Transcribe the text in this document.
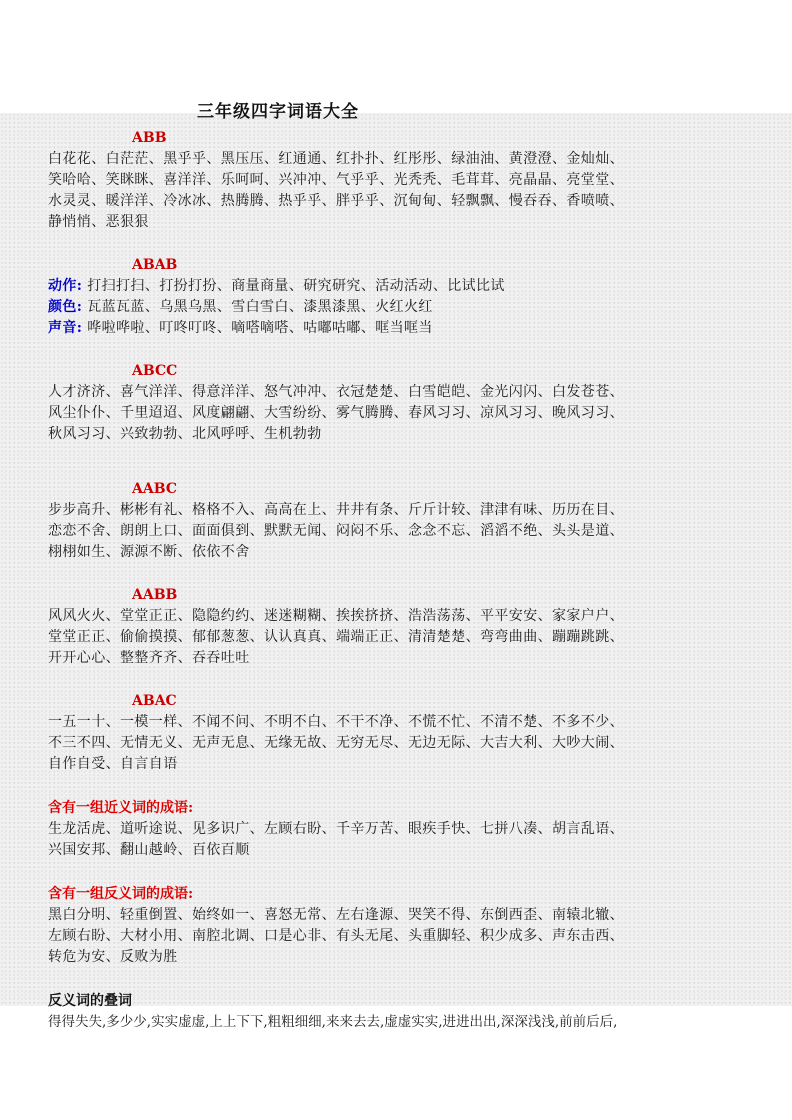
三年级四字词语大全
ABB
白花花、白茫茫、黑乎乎、黑压压、红通通、红扑扑、红彤彤、绿油油、黄澄澄、金灿灿、
笑哈哈、笑眯眯、喜洋洋、乐呵呵、兴冲冲、气乎乎、光秃秃、毛茸茸、亮晶晶、亮堂堂、
水灵灵、暖洋洋、冷冰冰、热腾腾、热乎乎、胖乎乎、沉甸甸、轻飘飘、慢吞吞、香喷喷、
静悄悄、恶狠狠
ABAB
动作: 打扫打扫、打扮打扮、商量商量、研究研究、活动活动、比试比试
颜色: 瓦蓝瓦蓝、乌黑乌黑、雪白雪白、漆黑漆黑、火红火红
声音: 哗啦哗啦、叮咚叮咚、嘀嗒嘀嗒、咕嘟咕嘟、哐当哐当
ABCC
人才济济、喜气洋洋、得意洋洋、怒气冲冲、衣冠楚楚、白雪皑皑、金光闪闪、白发苍苍、
风尘仆仆、千里迢迢、风度翩翩、大雪纷纷、雾气腾腾、春风习习、凉风习习、晚风习习、
秋风习习、兴致勃勃、北风呼呼、生机勃勃
AABC
步步高升、彬彬有礼、格格不入、高高在上、井井有条、斤斤计较、津津有味、历历在目、
恋恋不舍、朗朗上口、面面俱到、默默无闻、闷闷不乐、念念不忘、滔滔不绝、头头是道、
栩栩如生、源源不断、依依不舍
AABB
风风火火、堂堂正正、隐隐约约、迷迷糊糊、挨挨挤挤、浩浩荡荡、平平安安、家家户户、
堂堂正正、偷偷摸摸、郁郁葱葱、认认真真、端端正正、清清楚楚、弯弯曲曲、蹦蹦跳跳、
开开心心、整整齐齐、吞吞吐吐
ABAC
一五一十、一模一样、不闻不问、不明不白、不干不净、不慌不忙、不清不楚、不多不少、
不三不四、无情无义、无声无息、无缘无故、无穷无尽、无边无际、大吉大利、大吵大闹、
自作自受、自言自语
含有一组近义词的成语:
生龙活虎、道听途说、见多识广、左顾右盼、千辛万苦、眼疾手快、七拼八凑、胡言乱语、
兴国安邦、翻山越岭、百依百顺
含有一组反义词的成语:
黑白分明、轻重倒置、始终如一、喜怒无常、左右逢源、哭笑不得、东倒西歪、南辕北辙、
左顾右盼、大材小用、南腔北调、口是心非、有头无尾、头重脚轻、积少成多、声东击西、
转危为安、反败为胜
反义词的叠词
得得失失,多少少,实实虚虚,上上下下,粗粗细细,来来去去,虚虚实实,进进出出,深深浅浅,前前后后,
